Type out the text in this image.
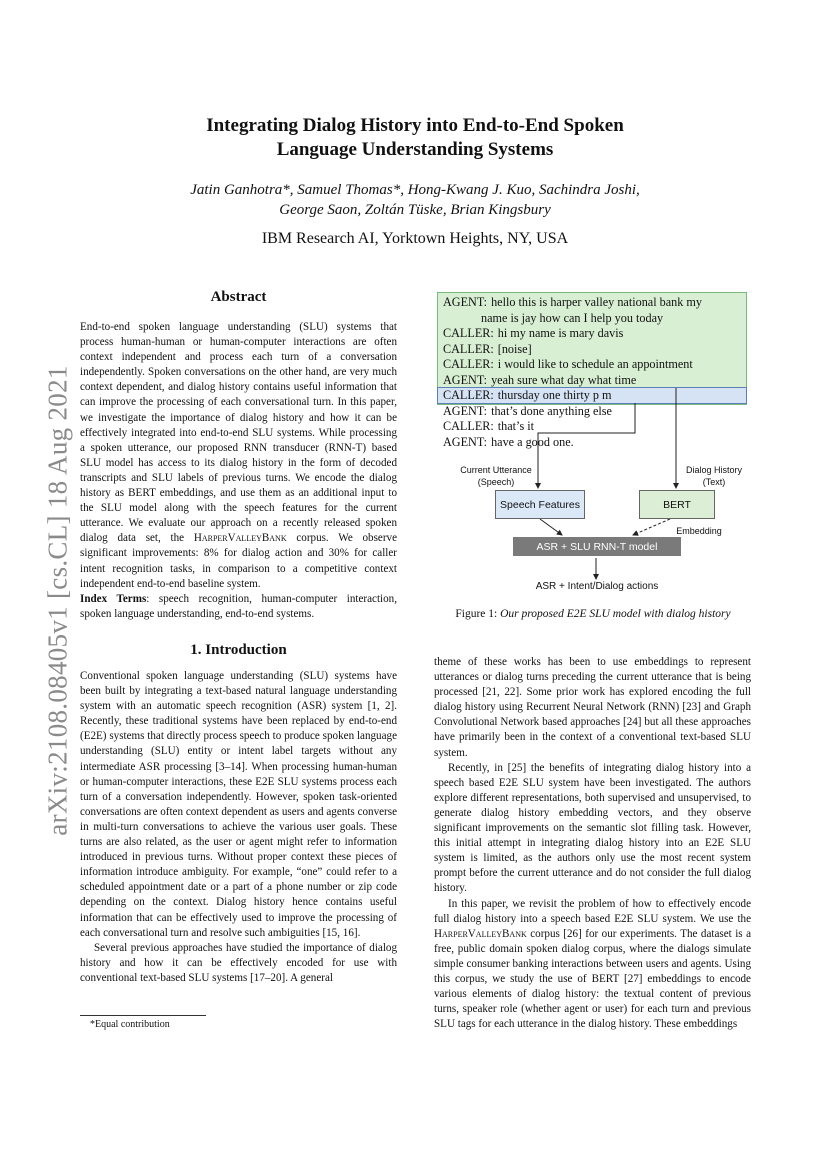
arXiv:2108.08405v1 [cs.CL] 18 Aug 2021
Integrating Dialog History into End-to-End Spoken
Language Understanding Systems
Jatin Ganhotra*, Samuel Thomas*, Hong-Kwang J. Kuo, Sachindra Joshi,
George Saon, Zoltán Tüske, Brian Kingsbury
IBM Research AI, Yorktown Heights, NY, USA
Abstract

End-to-end spoken language understanding (SLU) systems that process human-human or human-computer interactions are often context independent and process each turn of a conversation independently. Spoken conversations on the other hand, are very much context dependent, and dialog history contains useful information that can improve the processing of each conversational turn. In this paper, we investigate the importance of dialog history and how it can be effectively integrated into end-to-end SLU systems. While processing a spoken utterance, our proposed RNN transducer (RNN-T) based SLU model has access to its dialog history in the form of decoded transcripts and SLU labels of previous turns. We encode the dialog history as BERT embeddings, and use them as an additional input to the SLU model along with the speech features for the current utterance. We evaluate our approach on a recently released spoken dialog data set, the HarperValleyBank corpus. We observe significant improvements: 8% for dialog action and 30% for caller intent recognition tasks, in comparison to a competitive context independent end-to-end baseline system.

Index Terms: speech recognition, human-computer interaction, spoken language understanding, end-to-end systems.

1. Introduction

Conventional spoken language understanding (SLU) systems have been built by integrating a text-based natural language understanding system with an automatic speech recognition (ASR) system [1, 2]. Recently, these traditional systems have been replaced by end-to-end (E2E) systems that directly process speech to produce spoken language understanding (SLU) entity or intent label targets without any intermediate ASR processing [3–14]. When processing human-human or human-computer interactions, these E2E SLU systems process each turn of a conversation independently. However, spoken task-oriented conversations are often context dependent as users and agents converse in multi-turn conversations to achieve the various user goals. These turns are also related, as the user or agent might refer to information introduced in previous turns. Without proper context these pieces of information introduce ambiguity. For example, “one” could refer to a scheduled appointment date or a part of a phone number or zip code depending on the context. Dialog history hence contains useful information that can be effectively used to improve the processing of each conversational turn and resolve such ambiguities [15, 16].

Several previous approaches have studied the importance of dialog history and how it can be effectively encoded for use with conventional text-based SLU systems [17–20]. A general

*Equal contribution
AGENT: hello this is harper valley national bank my
name is jay how can I help you today
CALLER: hi my name is mary davis
CALLER: [noise]
CALLER: i would like to schedule an appointment
AGENT: yeah sure what day what time
CALLER: thursday one thirty p m
AGENT: that’s done anything else
CALLER: that’s it
AGENT: have a good one.
Current Utterance
(Speech)
Dialog History
(Text)
Speech Features	BERT
Embedding
ASR + SLU RNN-T model
ASR + Intent/Dialog actions
Figure 1: Our proposed E2E SLU model with dialog history

theme of these works has been to use embeddings to represent utterances or dialog turns preceding the current utterance that is being processed [21, 22]. Some prior work has explored encoding the full dialog history using Recurrent Neural Network (RNN) [23] and Graph Convolutional Network based approaches [24] but all these approaches have primarily been in the context of a conventional text-based SLU system.

Recently, in [25] the benefits of integrating dialog history into a speech based E2E SLU system have been investigated. The authors explore different representations, both supervised and unsupervised, to generate dialog history embedding vectors, and they observe significant improvements on the semantic slot filling task. However, this initial attempt in integrating dialog history into an E2E SLU system is limited, as the authors only use the most recent system prompt before the current utterance and do not consider the full dialog history.

In this paper, we revisit the problem of how to effectively encode full dialog history into a speech based E2E SLU system. We use the HarperValleyBank corpus [26] for our experiments. The dataset is a free, public domain spoken dialog corpus, where the dialogs simulate simple consumer banking interactions between users and agents. Using this corpus, we study the use of BERT [27] embeddings to encode various elements of dialog history: the textual content of previous turns, speaker role (whether agent or user) for each turn and previous SLU tags for each utterance in the dialog history. These embeddings
